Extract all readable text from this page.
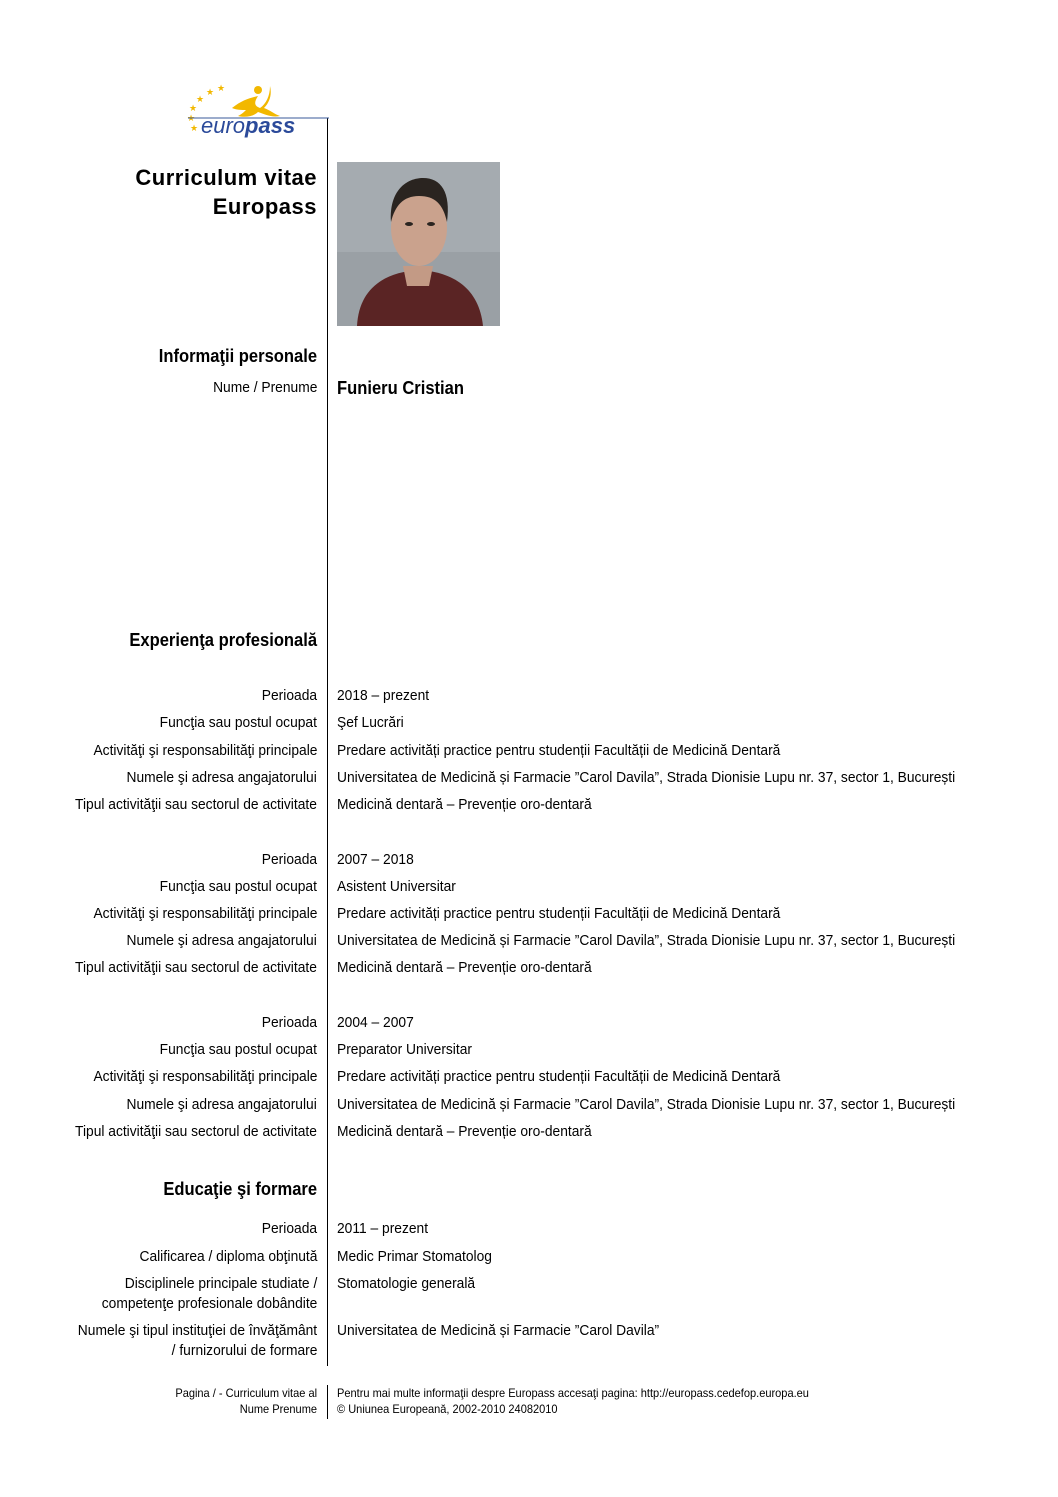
★
★
★
★
★
★
europass
Curriculum vitae
Europass
Informaţii personale
Nume / Prenume Funieru Cristian
Experienţa profesională
Perioada 2018 – prezent
Funcţia sau postul ocupat Şef Lucrări
Activităţi şi responsabilităţi principale Predare activități practice pentru studenții Facultății de Medicină Dentară
Numele şi adresa angajatorului Universitatea de Medicină și Farmacie ”Carol Davila”, Strada Dionisie Lupu nr. 37, sector 1, București
Tipul activităţii sau sectorul de activitate Medicină dentară – Prevenție oro-dentară
Perioada 2007 – 2018
Funcţia sau postul ocupat Asistent Universitar
Activităţi şi responsabilităţi principale Predare activități practice pentru studenții Facultății de Medicină Dentară
Numele şi adresa angajatorului Universitatea de Medicină și Farmacie ”Carol Davila”, Strada Dionisie Lupu nr. 37, sector 1, București
Tipul activităţii sau sectorul de activitate Medicină dentară – Prevenție oro-dentară
Perioada 2004 – 2007
Funcţia sau postul ocupat Preparator Universitar
Activităţi şi responsabilităţi principale Predare activități practice pentru studenții Facultății de Medicină Dentară
Numele şi adresa angajatorului Universitatea de Medicină și Farmacie ”Carol Davila”, Strada Dionisie Lupu nr. 37, sector 1, București
Tipul activităţii sau sectorul de activitate Medicină dentară – Prevenție oro-dentară
Educaţie şi formare
Perioada 2011 – prezent
Calificarea / diploma obţinută Medic Primar Stomatolog
Disciplinele principale studiate /
competenţe profesionale dobândite
Stomatologie generală
Numele şi tipul instituţiei de învăţământ
/ furnizorului de formare
Universitatea de Medicină și Farmacie ”Carol Davila”
Pagina / - Curriculum vitae al
Nume Prenume
Pentru mai multe informaţii despre Europass accesaţi pagina: http://europass.cedefop.europa.eu
© Uniunea Europeană, 2002-2010 24082010
